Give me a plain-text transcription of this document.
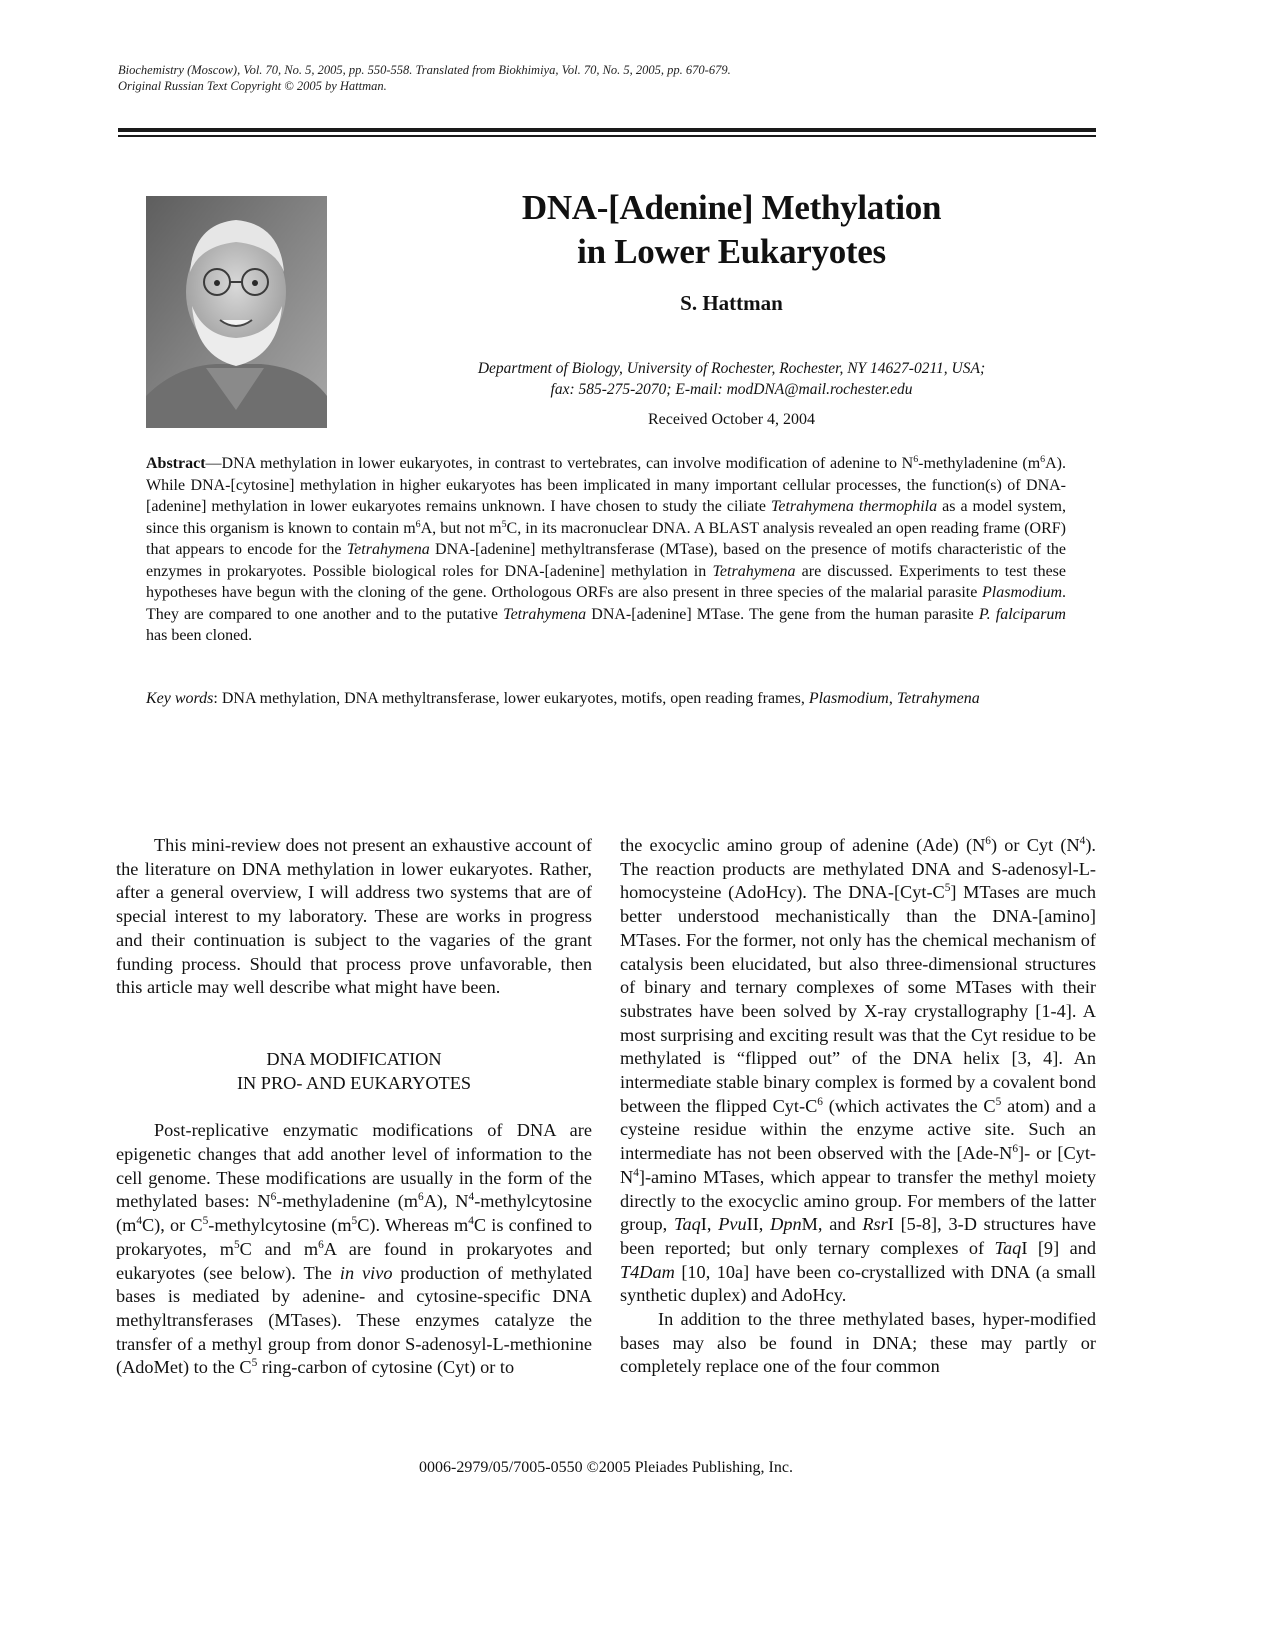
Biochemistry (Moscow), Vol. 70, No. 5, 2005, pp. 550-558. Translated from Biokhimiya, Vol. 70, No. 5, 2005, pp. 670-679.
Original Russian Text Copyright © 2005 by Hattman.
DNA-[Adenine] Methylation
in Lower Eukaryotes
S. Hattman
Department of Biology, University of Rochester, Rochester, NY 14627-0211, USA;
fax: 585-275-2070; E-mail: modDNA@mail.rochester.edu
Received October 4, 2004
Abstract—DNA methylation in lower eukaryotes, in contrast to vertebrates, can involve modification of adenine to $N^6$-methyladenine $(m^6A)$. While DNA-[cytosine] methylation in higher eukaryotes has been implicated in many important cellular processes, the function(s) of DNA-[adenine] methylation in lower eukaryotes remains unknown. I have chosen to study the ciliate Tetrahymena thermophila as a model system, since this organism is known to contain $m^6A$, but not $m^5C$, in its macronuclear DNA. A BLAST analysis revealed an open reading frame (ORF) that appears to encode for the Tetrahymena DNA-[adenine] methyltransferase (MTase), based on the presence of motifs characteristic of the enzymes in prokaryotes. Possible biological roles for DNA-[adenine] methylation in Tetrahymena are discussed. Experiments to test these hypotheses have begun with the cloning of the gene. Orthologous ORFs are also present in three species of the malarial parasite Plasmodium. They are compared to one another and to the putative Tetrahymena DNA-[adenine] MTase. The gene from the human parasite P. falciparum has been cloned.
Key words: DNA methylation, DNA methyltransferase, lower eukaryotes, motifs, open reading frames, Plasmodium, Tetrahymena

This mini-review does not present an exhaustive account of the literature on DNA methylation in lower eukaryotes. Rather, after a general overview, I will address two systems that are of special interest to my laboratory. These are works in progress and their continuation is subject to the vagaries of the grant funding process. Should that process prove unfavorable, then this article may well describe what might have been.

DNA MODIFICATION
IN PRO- AND EUKARYOTES

Post-replicative enzymatic modifications of DNA are epigenetic changes that add another level of information to the cell genome. These modifications are usually in the form of the methylated bases: $N^6$-methyladenine $(m^6A)$, $N^4$-methylcytosine $(m^4C)$, or $C^5$-methylcytosine $(m^5C)$. Whereas $m^4C$ is confined to prokaryotes, $m^5C$ and $m^6A$ are found in prokaryotes and eukaryotes (see below). The in vivo production of methylated bases is mediated by adenine- and cytosine-specific DNA methyltransferases (MTases). These enzymes catalyze the transfer of a methyl group from donor S-adenosyl-L-methionine (AdoMet) to the $C^5$ ring-carbon of cytosine (Cyt) or to

the exocyclic amino group of adenine (Ade) $(N^6)$ or Cyt $(N^4)$. The reaction products are methylated DNA and S-adenosyl-L-homocysteine (AdoHcy). The DNA-$[Cyt-C^5]$ MTases are much better understood mechanistically than the DNA-[amino] MTases. For the former, not only has the chemical mechanism of catalysis been elucidated, but also three-dimensional structures of binary and ternary complexes of some MTases with their substrates have been solved by X-ray crystallography [1-4]. A most surprising and exciting result was that the Cyt residue to be methylated is “flipped out” of the DNA helix [3, 4]. An intermediate stable binary complex is formed by a covalent bond between the flipped Cyt-$C^6$ (which activates the $C^5$ atom) and a cysteine residue within the enzyme active site. Such an intermediate has not been observed with the $[Ade-N^6]-$ or $[Cyt-N^4]$-amino MTases, which appear to transfer the methyl moiety directly to the exocyclic amino group. For members of the latter group, TaqI, PvuII, DpnM, and RsrI [5-8], 3-D structures have been reported; but only ternary complexes of TaqI [9] and T4Dam [10, 10a] have been co-crystallized with DNA (a small synthetic duplex) and AdoHcy.

In addition to the three methylated bases, hyper-modified bases may also be found in DNA; these may partly or completely replace one of the four common

0006-2979/05/7005-0550 ©2005 Pleiades Publishing, Inc.
